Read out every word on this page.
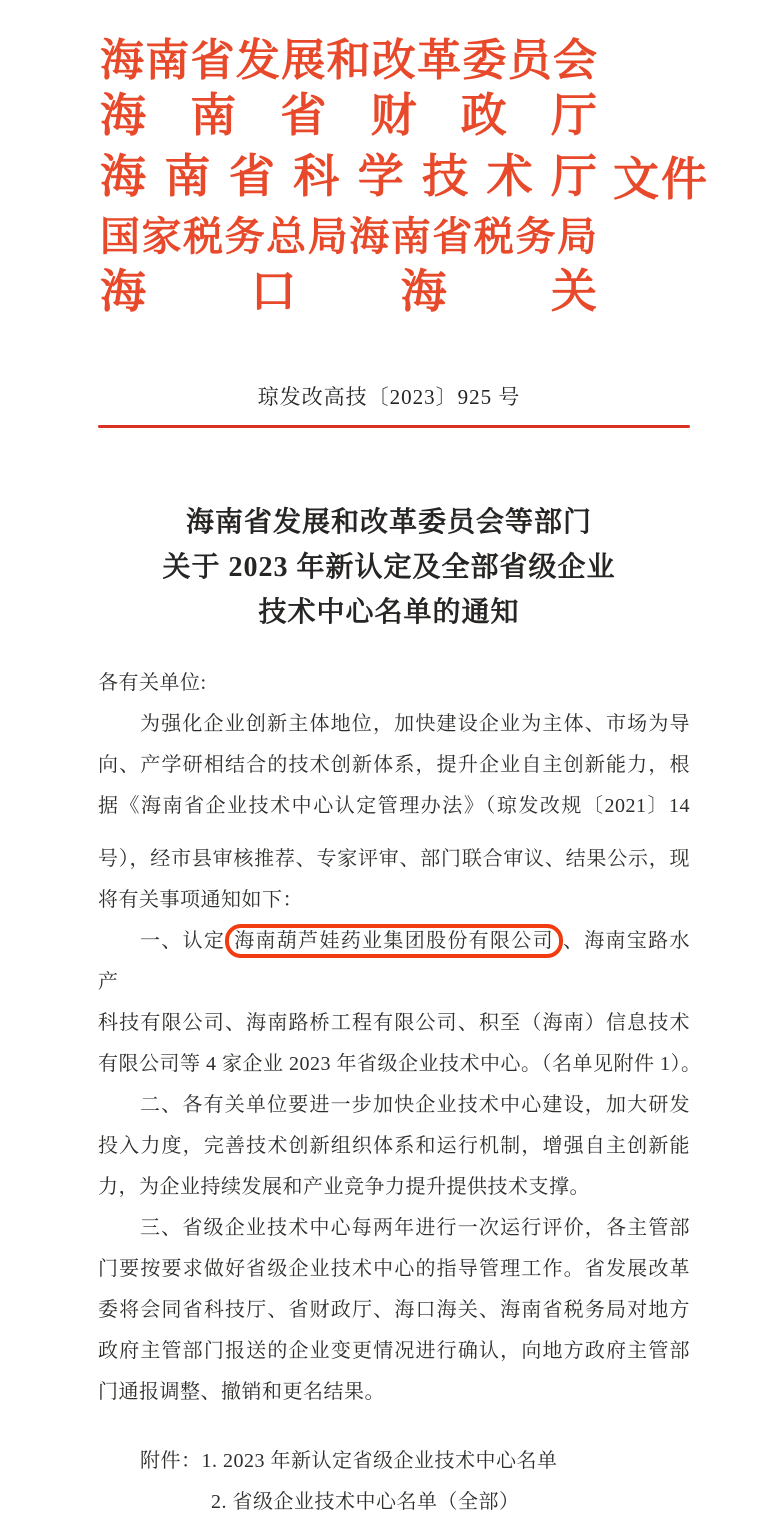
海南省发展和改革委员会
海南省财政厅
海南省科学技术厅 文件
国家税务总局海南省税务局
海口海关
琼发改高技〔2023〕925 号
海南省发展和改革委员会等部门
关于 2023 年新认定及全部省级企业
技术中心名单的通知
各有关单位:
为强化企业创新主体地位，加快建设企业为主体、市场为导
向、产学研相结合的技术创新体系，提升企业自主创新能力，根
据《海南省企业技术中心认定管理办法》（琼发改规〔2021〕14
号），经市县审核推荐、专家评审、部门联合审议、结果公示，现
将有关事项通知如下：
一、认定 海南葫芦娃药业集团股份有限公司 、海南宝路水产
科技有限公司、海南路桥工程有限公司、积至（海南）信息技术
有限公司等 4 家企业 2023 年省级企业技术中心。（名单见附件 1）。
二、各有关单位要进一步加快企业技术中心建设，加大研发
投入力度，完善技术创新组织体系和运行机制，增强自主创新能
力，为企业持续发展和产业竞争力提升提供技术支撑。
三、省级企业技术中心每两年进行一次运行评价，各主管部
门要按要求做好省级企业技术中心的指导管理工作。省发展改革
委将会同省科技厅、省财政厅、海口海关、海南省税务局对地方
政府主管部门报送的企业变更情况进行确认，向地方政府主管部
门通报调整、撤销和更名结果。
附件：1. 2023 年新认定省级企业技术中心名单
2. 省级企业技术中心名单（全部）
